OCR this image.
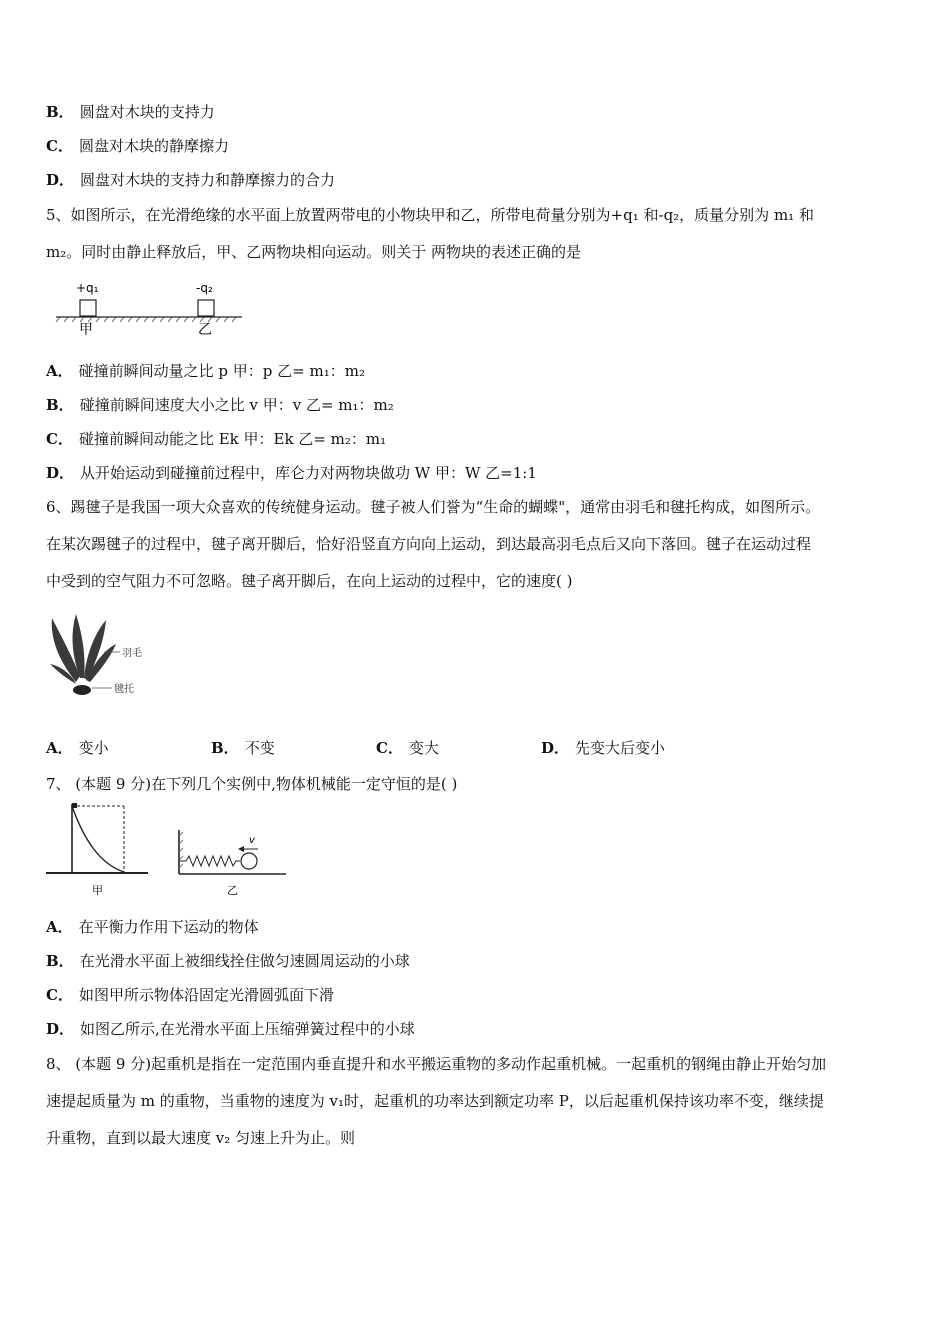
B． 圆盘对木块的支持力
C． 圆盘对木块的静摩擦力
D． 圆盘对木块的支持力和静摩擦力的合力
5、如图所示，在光滑绝缘的水平面上放置两带电的小物块甲和乙，所带电荷量分别为+q₁ 和-q₂，质量分别为 m₁ 和
m₂。同时由静止释放后，甲、乙两物块相向运动。则关于 两物块的表述正确的是
+q₁	-q₂
甲	乙
A． 碰撞前瞬间动量之比 p 甲：p 乙= m₁：m₂
B． 碰撞前瞬间速度大小之比 v 甲：v 乙= m₁：m₂
C． 碰撞前瞬间动能之比 Ek 甲：Ek 乙= m₂：m₁
D． 从开始运动到碰撞前过程中，库仑力对两物块做功 W 甲：W 乙=1:1
6、踢毽子是我国一项大众喜欢的传统健身运动。毽子被人们誉为“生命的蝴蝶"，通常由羽毛和毽托构成，如图所示。
在某次踢毽子的过程中，毽子离开脚后，恰好沿竖直方向向上运动，到达最高羽毛点后又向下落回。毽子在运动过程
中受到的空气阻力不可忽略。毽子离开脚后，在向上运动的过程中，它的速度( )
羽毛
毽托
A． 变小	B． 不变	C． 变大	D． 先变大后变小
7、 (本题 9 分)在下列几个实例中,物体机械能一定守恒的是( )
甲
v
乙
A． 在平衡力作用下运动的物体
B． 在光滑水平面上被细线拴住做匀速圆周运动的小球
C． 如图甲所示物体沿固定光滑圆弧面下滑
D． 如图乙所示,在光滑水平面上压缩弹簧过程中的小球
8、 (本题 9 分)起重机是指在一定范围内垂直提升和水平搬运重物的多动作起重机械。一起重机的钢绳由静止开始匀加
速提起质量为 m 的重物，当重物的速度为 v₁时，起重机的功率达到额定功率 P，以后起重机保持该功率不变，继续提
升重物，直到以最大速度 v₂ 匀速上升为止。则
